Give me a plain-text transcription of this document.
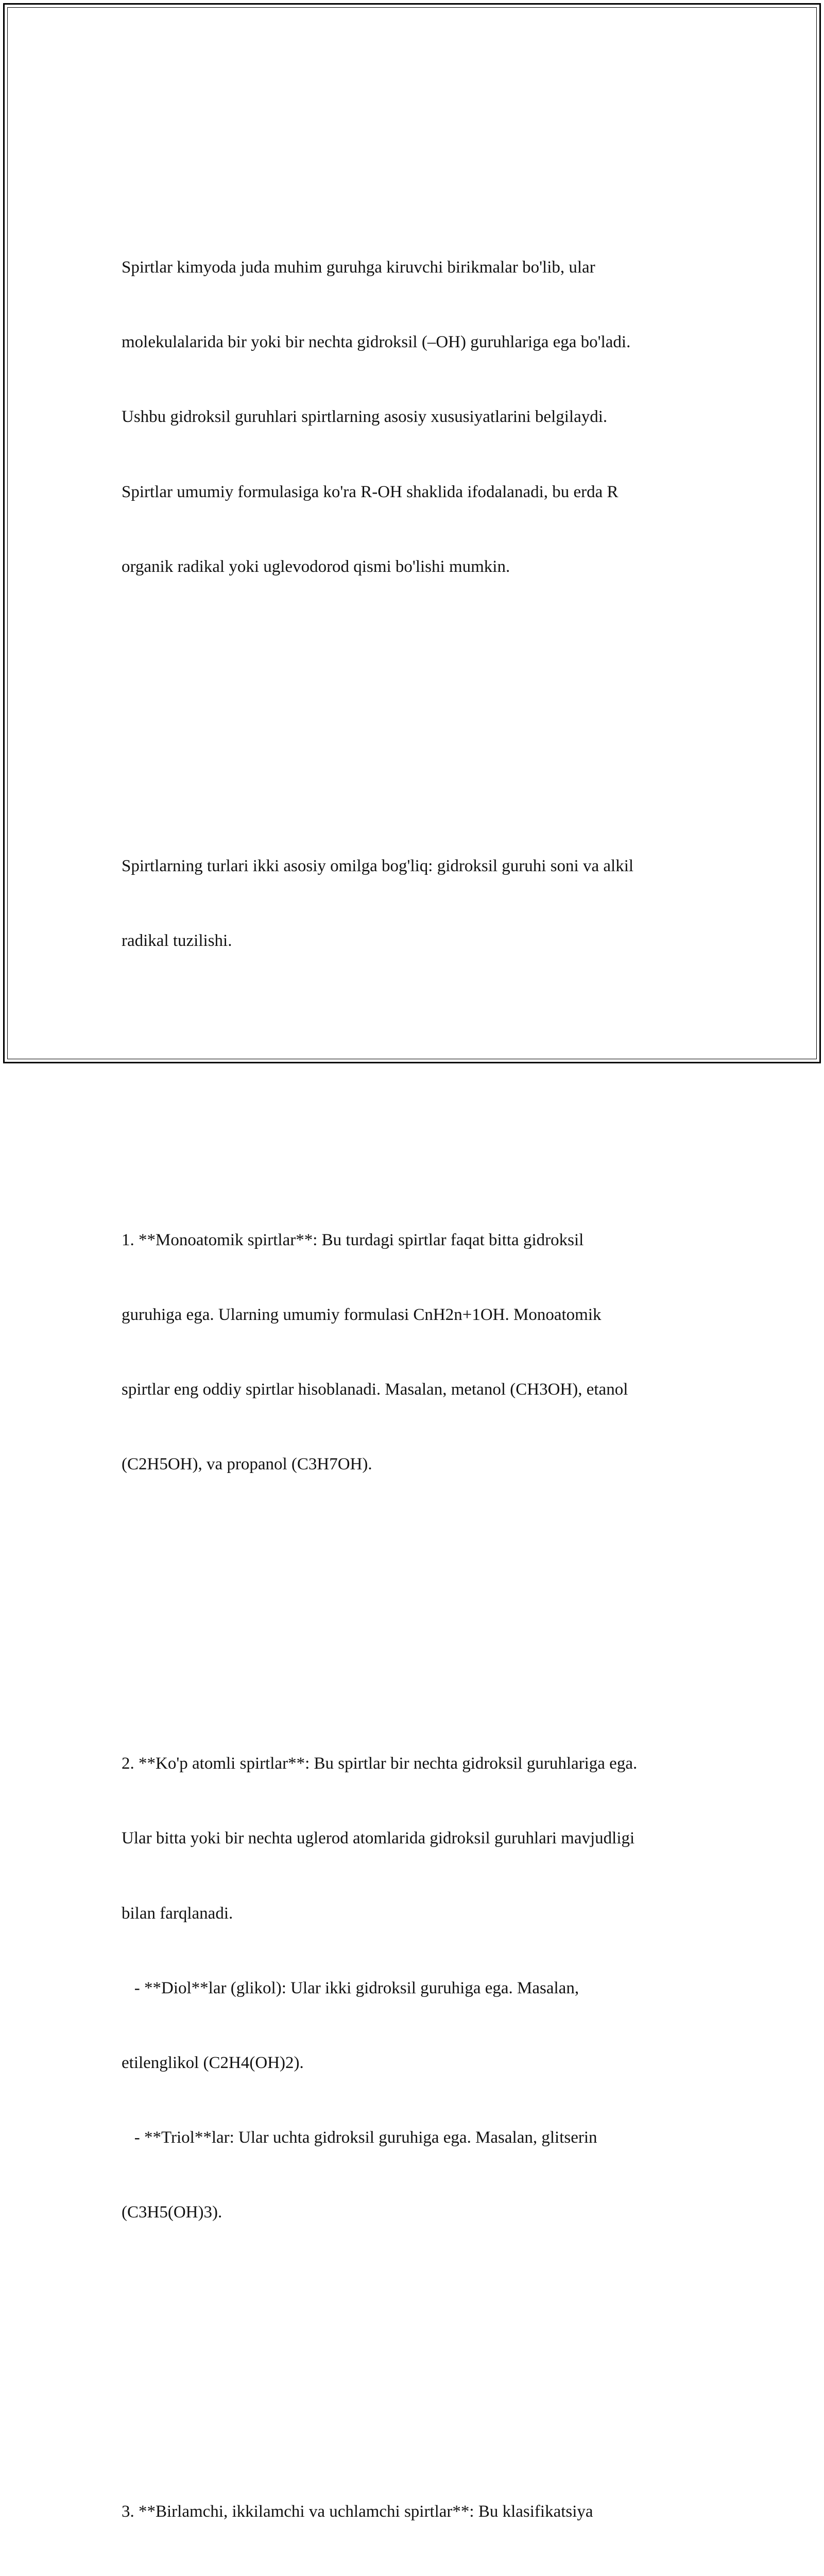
Spirtlar kimyoda juda muhim guruhga kiruvchi birikmalar bo'lib, ular

molekulalarida bir yoki bir nechta gidroksil (–OH) guruhlariga ega bo'ladi.

Ushbu gidroksil guruhlari spirtlarning asosiy xususiyatlarini belgilaydi.

Spirtlar umumiy formulasiga ko'ra R-OH shaklida ifodalanadi, bu erda R

organik radikal yoki uglevodorod qismi bo'lishi mumkin.

Spirtlarning turlari ikki asosiy omilga bog'liq: gidroksil guruhi soni va alkil

radikal tuzilishi.

1. **Monoatomik spirtlar**: Bu turdagi spirtlar faqat bitta gidroksil

guruhiga ega. Ularning umumiy formulasi CnH2n+1OH. Monoatomik

spirtlar eng oddiy spirtlar hisoblanadi. Masalan, metanol (CH3OH), etanol

(C2H5OH), va propanol (C3H7OH).

2. **Ko'p atomli spirtlar**: Bu spirtlar bir nechta gidroksil guruhlariga ega.

Ular bitta yoki bir nechta uglerod atomlarida gidroksil guruhlari mavjudligi

bilan farqlanadi.

- **Diol**lar (glikol): Ular ikki gidroksil guruhiga ega. Masalan,

etilenglikol (C2H4(OH)2).

- **Triol**lar: Ular uchta gidroksil guruhiga ega. Masalan, glitserin

(C3H5(OH)3).

3. **Birlamchi, ikkilamchi va uchlamchi spirtlar**: Bu klasifikatsiya
